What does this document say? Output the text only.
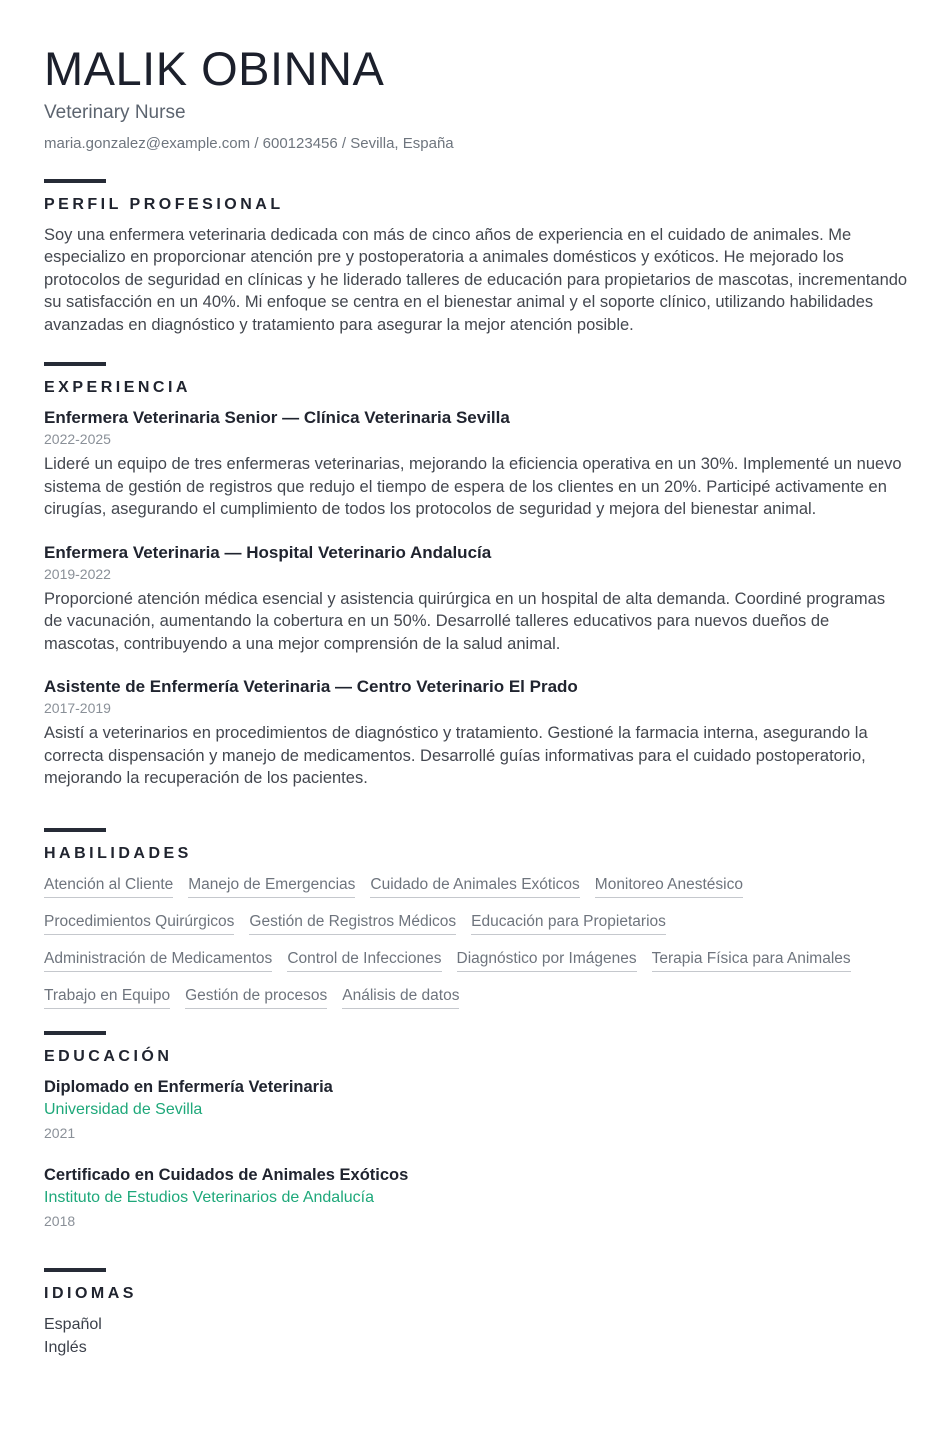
MALIK OBINNA
Veterinary Nurse
maria.gonzalez@example.com / 600123456 / Sevilla, España
PERFIL PROFESIONAL

Soy una enfermera veterinaria dedicada con más de cinco años de experiencia en el cuidado de animales. Me especializo en proporcionar atención pre y postoperatoria a animales domésticos y exóticos. He mejorado los protocolos de seguridad en clínicas y he liderado talleres de educación para propietarios de mascotas, incrementando su satisfacción en un 40%. Mi enfoque se centra en el bienestar animal y el soporte clínico, utilizando habilidades avanzadas en diagnóstico y tratamiento para asegurar la mejor atención posible.

EXPERIENCIA
Enfermera Veterinaria Senior — Clínica Veterinaria Sevilla
2022-2025

Lideré un equipo de tres enfermeras veterinarias, mejorando la eficiencia operativa en un 30%. Implementé un nuevo sistema de gestión de registros que redujo el tiempo de espera de los clientes en un 20%. Participé activamente en cirugías, asegurando el cumplimiento de todos los protocolos de seguridad y mejora del bienestar animal.

Enfermera Veterinaria — Hospital Veterinario Andalucía
2019-2022

Proporcioné atención médica esencial y asistencia quirúrgica en un hospital de alta demanda. Coordiné programas de vacunación, aumentando la cobertura en un 50%. Desarrollé talleres educativos para nuevos dueños de mascotas, contribuyendo a una mejor comprensión de la salud animal.

Asistente de Enfermería Veterinaria — Centro Veterinario El Prado
2017-2019

Asistí a veterinarios en procedimientos de diagnóstico y tratamiento. Gestioné la farmacia interna, asegurando la correcta dispensación y manejo de medicamentos. Desarrollé guías informativas para el cuidado postoperatorio, mejorando la recuperación de los pacientes.

HABILIDADES
Atención al Cliente Manejo de Emergencias Cuidado de Animales Exóticos Monitoreo Anestésico
Procedimientos Quirúrgicos Gestión de Registros Médicos Educación para Propietarios
Administración de Medicamentos Control de Infecciones Diagnóstico por Imágenes Terapia Física para Animales
Trabajo en Equipo Gestión de procesos Análisis de datos
EDUCACIÓN
Diplomado en Enfermería Veterinaria
Universidad de Sevilla
2021
Certificado en Cuidados de Animales Exóticos
Instituto de Estudios Veterinarios de Andalucía
2018
IDIOMAS
Español
Inglés
